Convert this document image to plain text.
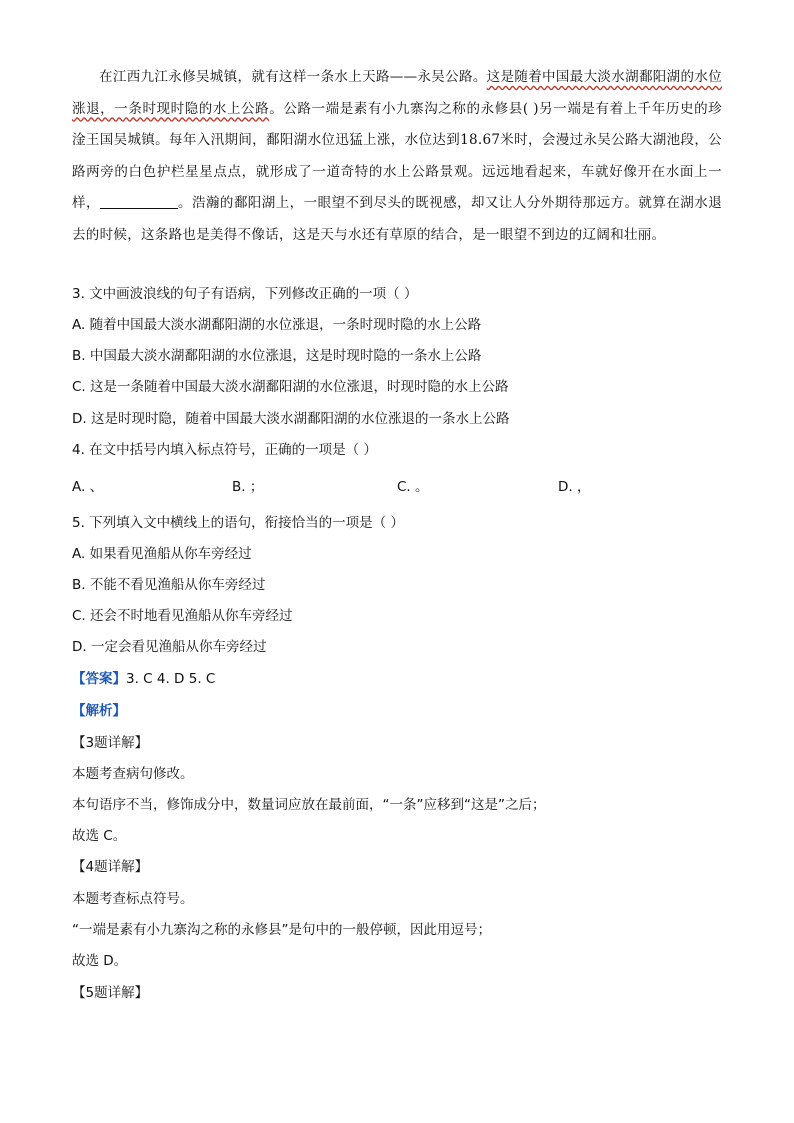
在江西九江永修吴城镇，就有这样一条水上天路——永吴公路。这是随着中国最大淡水湖鄱阳湖的水位涨退，一条时现时隐的水上公路。公路一端是素有小九寨沟之称的永修县( )另一端是有着上千年历史的珍淦王国吴城镇。每年入汛期间，鄱阳湖水位迅猛上涨，水位达到18.67米时，会漫过永吴公路大湖池段，公路两旁的白色护栏星星点点，就形成了一道奇特的水上公路景观。远远地看起来，车就好像开在水面上一样，	。浩瀚的鄱阳湖上，一眼望不到尽头的既视感，却又让人分外期待那远方。就算在湖水退去的时候，这条路也是美得不像话，这是天与水还有草原的结合，是一眼望不到边的辽阔和壮丽。
3. 文中画波浪线的句子有语病，下列修改正确的一项（ ）
A. 随着中国最大淡水湖鄱阳湖的水位涨退，一条时现时隐的水上公路
B. 中国最大淡水湖鄱阳湖的水位涨退，这是时现时隐的一条水上公路
C. 这是一条随着中国最大淡水湖鄱阳湖的水位涨退，时现时隐的水上公路
D. 这是时现时隐，随着中国最大淡水湖鄱阳湖的水位涨退的一条水上公路
4. 在文中括号内填入标点符号，正确的一项是（ ）
A. 、	B. ；	C. 。	D. ，
5. 下列填入文中横线上的语句，衔接恰当的一项是（ ）
A. 如果看见渔船从你车旁经过
B. 不能不看见渔船从你车旁经过
C. 还会不时地看见渔船从你车旁经过
D. 一定会看见渔船从你车旁经过
【答案】3. C 4. D 5. C
【解析】
【3题详解】
本题考查病句修改。
本句语序不当，修饰成分中，数量词应放在最前面，“一条”应移到“这是”之后；
故选 C。
【4题详解】
本题考查标点符号。
“一端是素有小九寨沟之称的永修县”是句中的一般停顿，因此用逗号；
故选 D。
【5题详解】
